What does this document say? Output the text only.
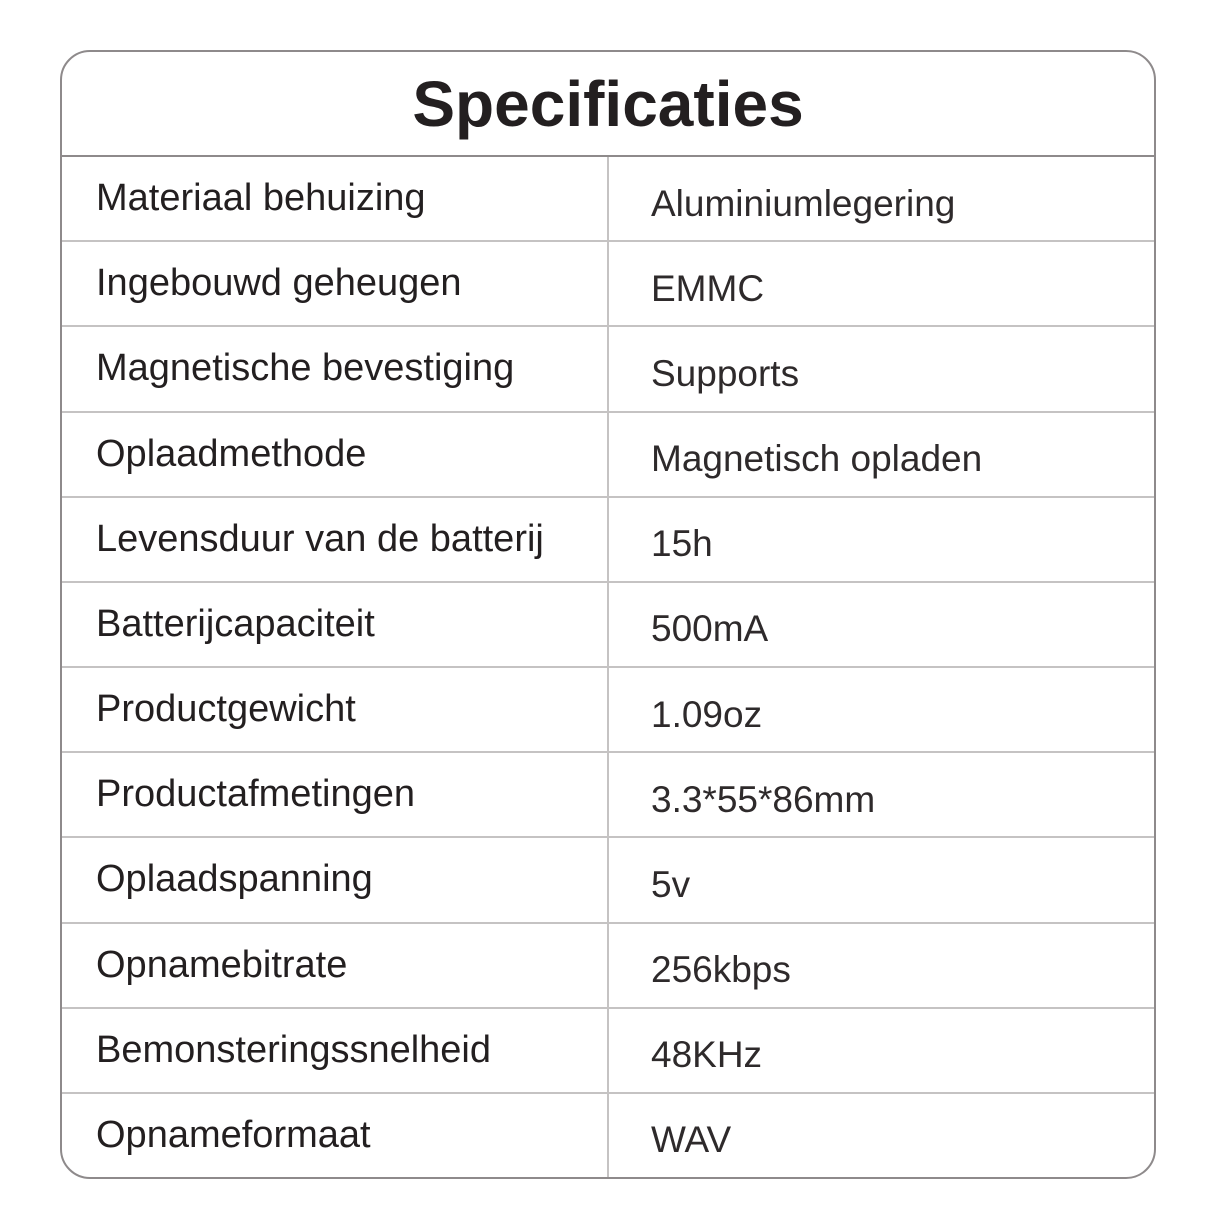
Specificaties
Materiaal behuizing	Aluminiumlegering
Ingebouwd geheugen	EMMC
Magnetische bevestiging	Supports
Oplaadmethode	Magnetisch opladen
Levensduur van de batterij	15h
Batterijcapaciteit	500mA
Productgewicht	1.09oz
Productafmetingen	3.3*55*86mm
Oplaadspanning	5v
Opnamebitrate	256kbps
Bemonsteringssnelheid	48KHz
Opnameformaat	WAV
